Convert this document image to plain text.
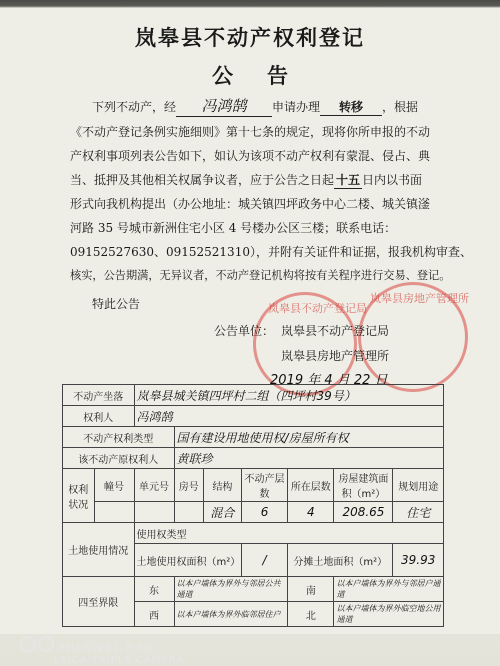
岚皋县不动产权利登记
公告
下列不动产，经 冯鸿鹄 申请办理 转移 ，根据
《不动产登记条例实施细则》第十七条的规定，现将你所申报的不动
产权利事项列表公告如下，如认为该项不动产权利有蒙混、侵占、典
当、抵押及其他相关权属争议者，应于公告之日起 十五 日内以书面
形式向我机构提出（办公地址：城关镇四坪政务中心二楼、城关镇滏
河路 35 号城市新洲住宅小区 4 号楼办公区三楼；联系电话：
09152527630、09152521310），并附有关证件和证据，报我机构审查、
核实，公告期满，无异议者，不动产登记机构将按有关程序进行交易、登记。
特此公告	岚皋县不动产登记局
岚皋县房地产管理所
公告单位： 岚皋县不动产登记局
岚皋县房地产管理所
2019 年 4 月 22 日
不动产坐落		岚皋县城关镇四坪村二组（四坪村39号）						
权利人		冯鸿鹄						
不动产权利类型			国有建设用地使用权/房屋所有权					
该不动产原权利人			黄联珍					
权利状况	幢号	单元号	房号	结构	不动产层数	所在层数	房屋建筑面积（m²）	规划用途
				混合	6	4	208.65	住宅
土地使用情况		使用权类型						
		土地使用权面积（m²）			/	分摊土地面积（m²）		39.93
四至界限		东	以本户墙体为界外与邻居公共通道			南	以本户墙体为界外与邻居户通道	
		西	以本户墙体为界外临邻居住户			北	以本户墙体为界外临空地公用通道	
HUAWEI P30
LEICA TRIPLE CAMERA
